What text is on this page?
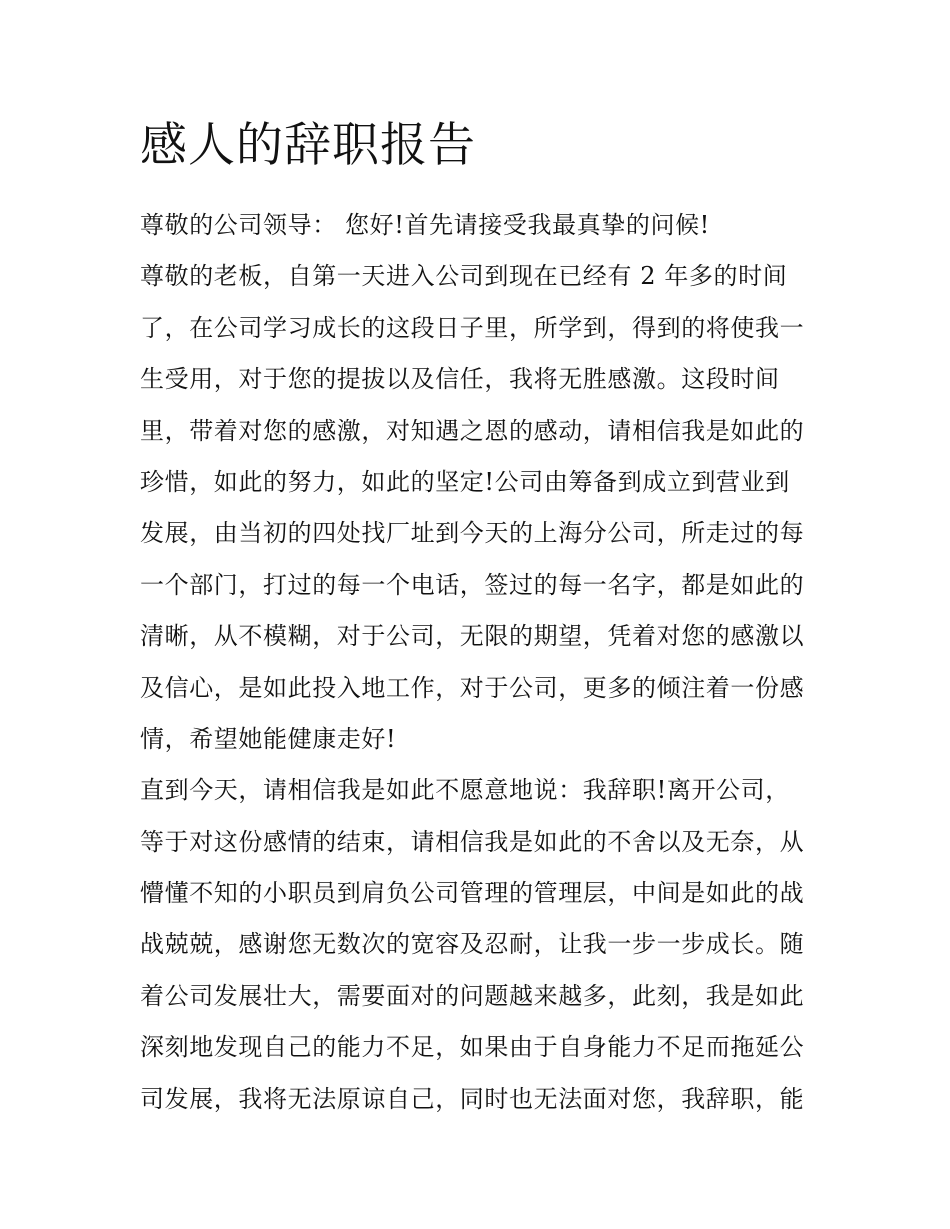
感人的辞职报告
尊敬的公司领导： 您好!首先请接受我最真挚的问候!
尊敬的老板，自第一天进入公司到现在已经有 2 年多的时间
了，在公司学习成长的这段日子里，所学到，得到的将使我一
生受用，对于您的提拔以及信任，我将无胜感激。这段时间
里，带着对您的感激，对知遇之恩的感动，请相信我是如此的
珍惜，如此的努力，如此的坚定!公司由筹备到成立到营业到
发展，由当初的四处找厂址到今天的上海分公司，所走过的每
一个部门，打过的每一个电话，签过的每一名字，都是如此的
清晰，从不模糊，对于公司，无限的期望，凭着对您的感激以
及信心，是如此投入地工作，对于公司，更多的倾注着一份感
情，希望她能健康走好!
直到今天，请相信我是如此不愿意地说：我辞职!离开公司，
等于对这份感情的结束，请相信我是如此的不舍以及无奈，从
懵懂不知的小职员到肩负公司管理的管理层，中间是如此的战
战兢兢，感谢您无数次的宽容及忍耐，让我一步一步成长。随
着公司发展壮大，需要面对的问题越来越多，此刻，我是如此
深刻地发现自己的能力不足，如果由于自身能力不足而拖延公
司发展，我将无法原谅自己，同时也无法面对您，我辞职，能
